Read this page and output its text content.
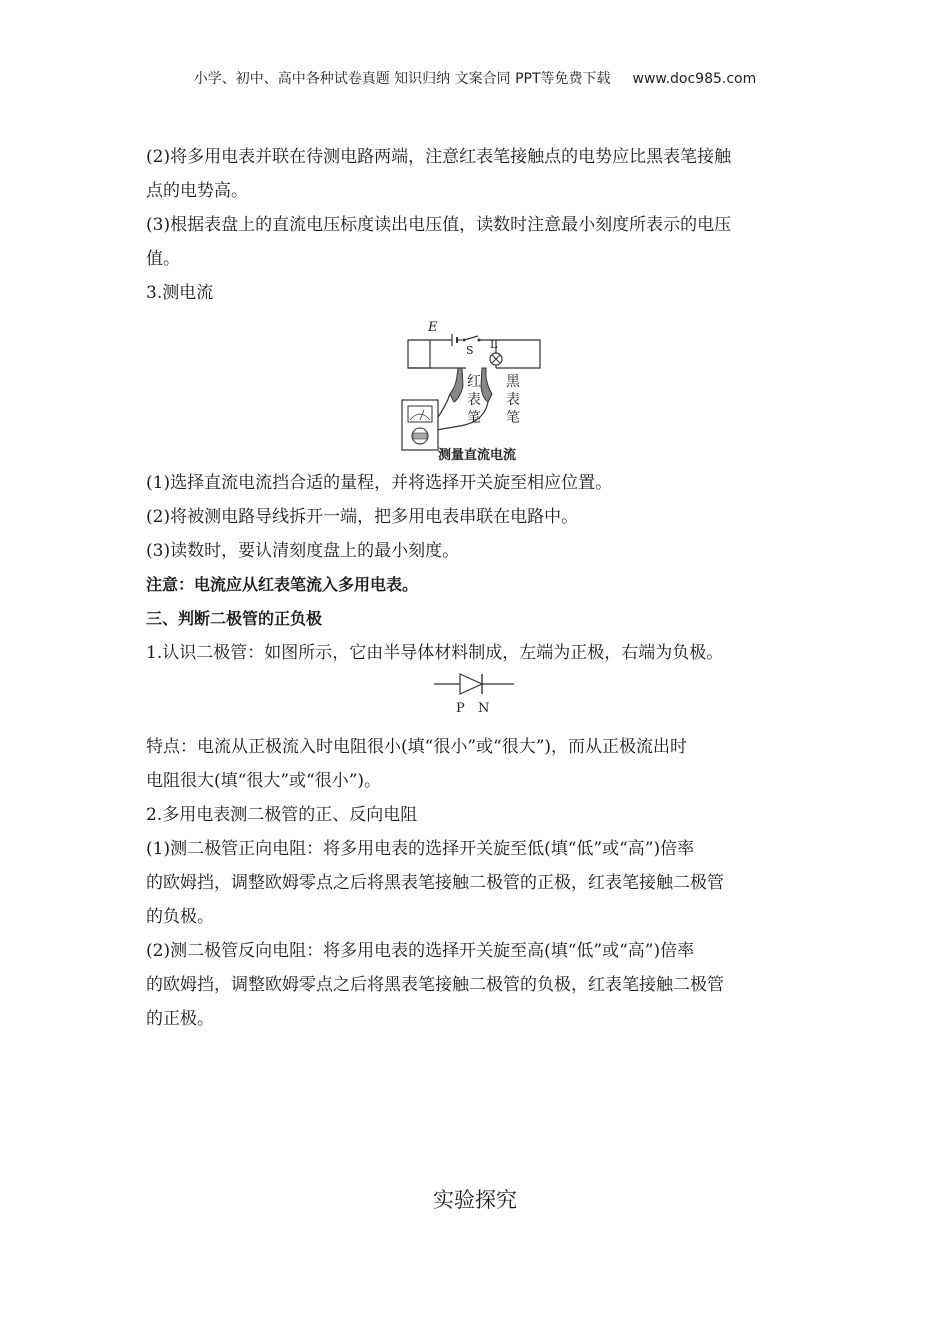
小学、初中、高中各种试卷真题 知识归纳 文案合同 PPT等免费下载 www.doc985.com

(2)将多用电表并联在待测电路两端，注意红表笔接触点的电势应比黑表笔接触

点的电势高。

(3)根据表盘上的直流电压标度读出电压值，读数时注意最小刻度所表示的电压

值。

3.测电流

E
S L
红
表
笔
黑
表
笔
测量直流电流

(1)选择直流电流挡合适的量程，并将选择开关旋至相应位置。

(2)将被测电路导线拆开一端，把多用电表串联在电路中。

(3)读数时，要认清刻度盘上的最小刻度。

注意：电流应从红表笔流入多用电表。

三、判断二极管的正负极

1.认识二极管：如图所示，它由半导体材料制成，左端为正极，右端为负极。

P N

特点：电流从正极流入时电阻很小(填“很小”或“很大”)，而从正极流出时

电阻很大(填“很大”或“很小”)。

2.多用电表测二极管的正、反向电阻

(1)测二极管正向电阻：将多用电表的选择开关旋至低(填“低”或“高”)倍率

的欧姆挡，调整欧姆零点之后将黑表笔接触二极管的正极，红表笔接触二极管

的负极。

(2)测二极管反向电阻：将多用电表的选择开关旋至高(填“低”或“高”)倍率

的欧姆挡，调整欧姆零点之后将黑表笔接触二极管的负极，红表笔接触二极管

的正极。

实验探究
